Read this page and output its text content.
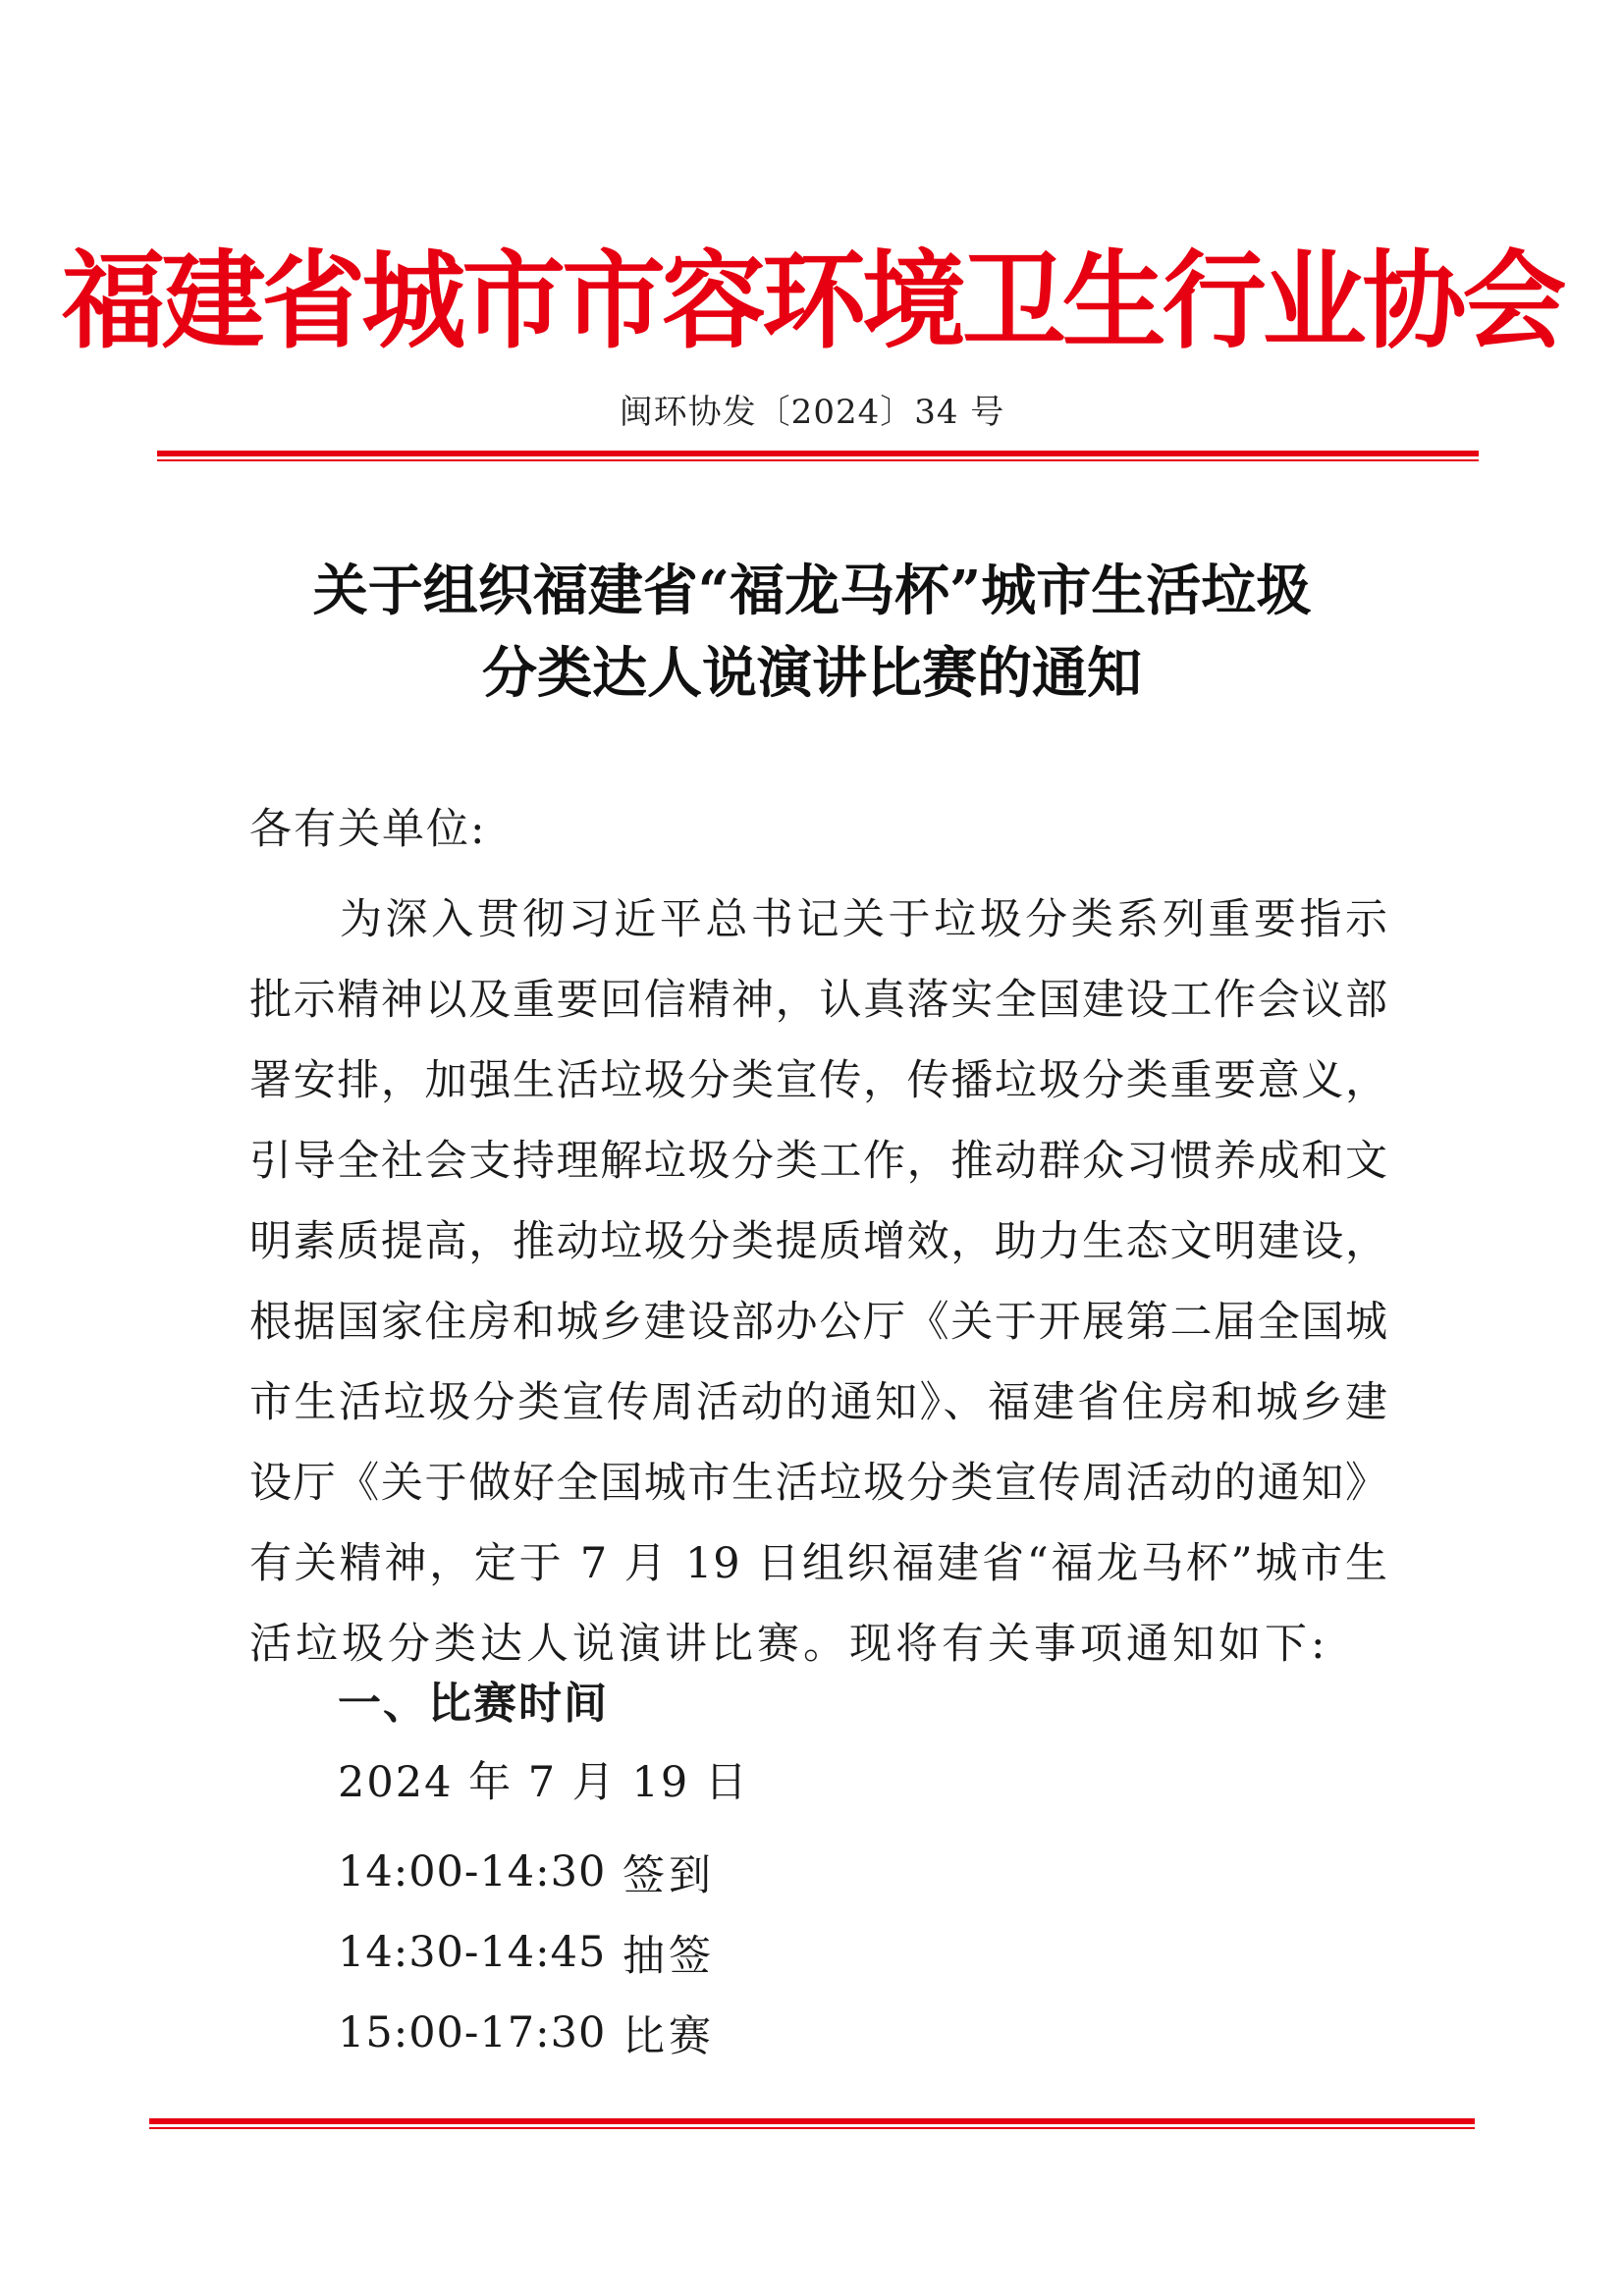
福建省城市市容环境卫生行业协会
闽环协发〔2024〕34 号
关于组织福建省“福龙马杯”城市生活垃圾
分类达人说演讲比赛的通知
各有关单位:
为深入贯彻习近平总书记关于垃圾分类系列重要指示
批示精神以及重要回信精神，认真落实全国建设工作会议部
署安排，加强生活垃圾分类宣传，传播垃圾分类重要意义，
引导全社会支持理解垃圾分类工作，推动群众习惯养成和文
明素质提高，推动垃圾分类提质增效，助力生态文明建设，
根据国家住房和城乡建设部办公厅《关于开展第二届全国城
市生活垃圾分类宣传周活动的通知》、福建省住房和城乡建
设厅《关于做好全国城市生活垃圾分类宣传周活动的通知》
有关精神，定于 7 月 19 日组织福建省“福龙马杯”城市生
活垃圾分类达人说演讲比赛。现将有关事项通知如下:
一、比赛时间
2024 年 7 月 19 日
14:00-14:30 签到
14:30-14:45 抽签
15:00-17:30 比赛
